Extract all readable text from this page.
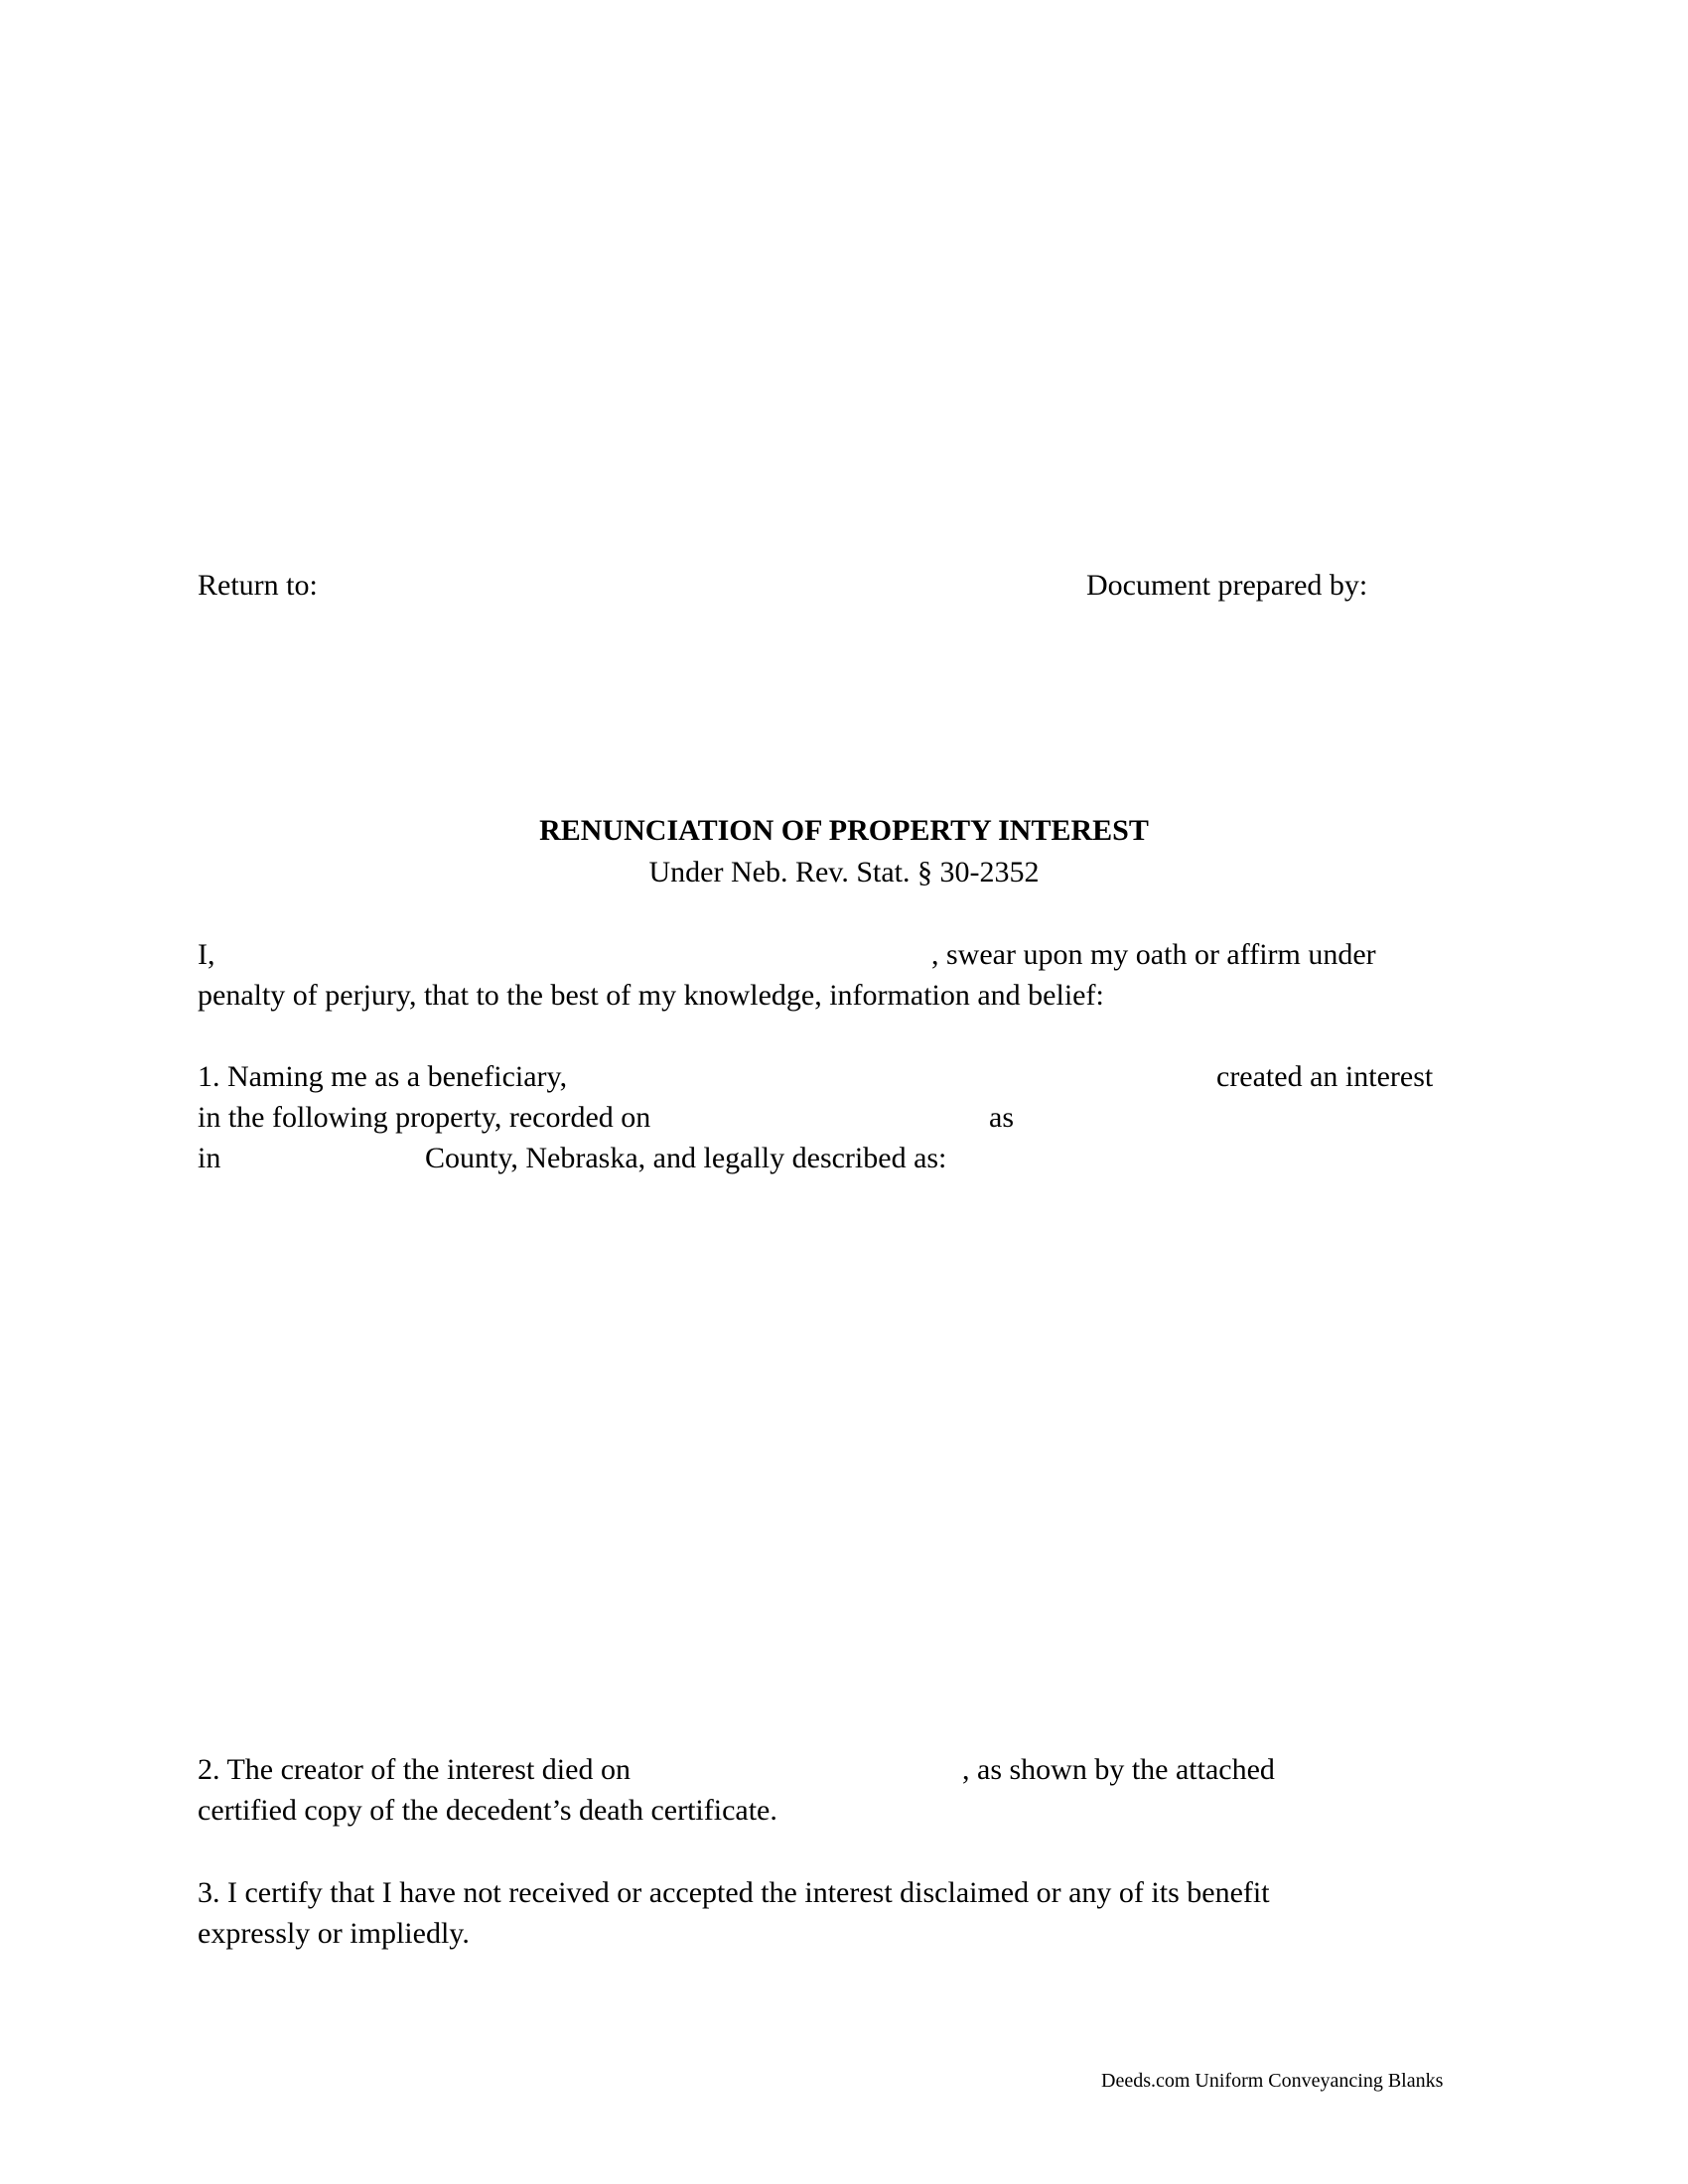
Return to:	Document prepared by:
RENUNCIATION OF PROPERTY INTEREST
Under Neb. Rev. Stat. § 30-2352
I,	, swear upon my oath or affirm under
penalty of perjury, that to the best of my knowledge, information and belief:
1. Naming me as a beneficiary,	created an interest
in the following property, recorded on	as
in	County, Nebraska, and legally described as:
2. The creator of the interest died on	, as shown by the attached
certified copy of the decedent’s death certificate.
3. I certify that I have not received or accepted the interest disclaimed or any of its benefit
expressly or impliedly.
Deeds.com Uniform Conveyancing Blanks
